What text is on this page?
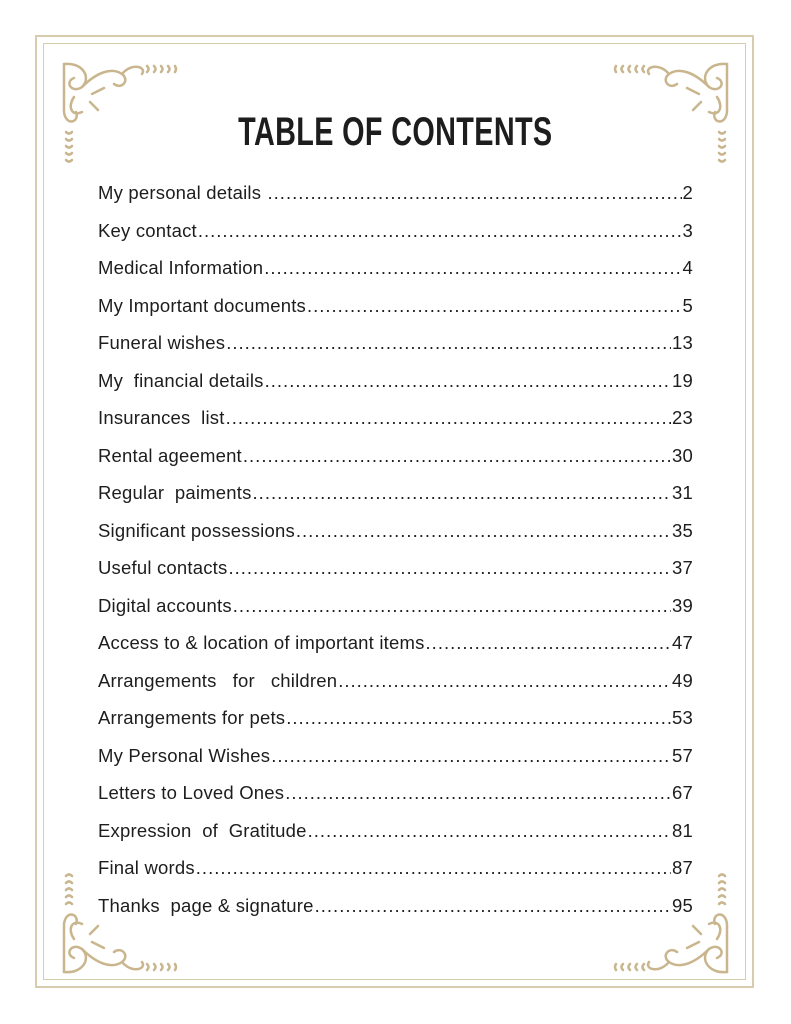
TABLE OF CONTENTS
My personal details .....	2
Key contact .....	3
Medical Information .....	4
My Important documents .....	5
Funeral wishes .....	13
My  financial details .....	19
Insurances  list .....	23
Rental ageement .....	30
Regular  paiments .....	31
Significant possessions .....	35
Useful contacts .....	37
Digital accounts .....	39
Access to & location of important items .....	47
Arrangements   for   children .....	49
Arrangements for pets .....	53
My Personal Wishes .....	57
Letters to Loved Ones .....	67
Expression  of  Gratitude .....	81
Final words .....	87
Thanks  page & signature .....	95
